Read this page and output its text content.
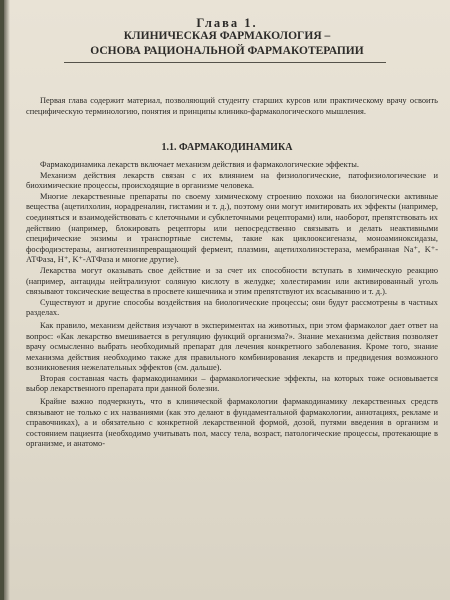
Глава 1.
КЛИНИЧЕСКАЯ ФАРМАКОЛОГИЯ –
ОСНОВА РАЦИОНАЛЬНОЙ ФАРМАКОТЕРАПИИ

Первая глава содержит материал, позволяющий студенту старших курсов или практическому врачу освоить специфическую терминологию, понятия и принципы клинико-фармакологического мышления.

1.1. ФАРМАКОДИНАМИКА

Фармакодинамика лекарств включает механизм действия и фармакологические эффекты.

Механизм действия лекарств связан с их влиянием на физиологические, патофизиологические и биохимические процессы, происходящие в организме человека.

Многие лекарственные препараты по своему химическому строению похожи на биологически активные вещества (ацетилхолин, норадреналин, гистамин и т. д.), поэтому они могут имитировать их эффекты (например, соединяться и взаимодействовать с клеточными и субклеточными рецепторами) или, наоборот, препятствовать их действию (например, блокировать рецепторы или непосредственно связывать и делать неактивными специфические энзимы и транспортные системы, такие как циклооксигеназы, моноаминоксидазы, фосфодиэстеразы, ангиотензинпревращающий фермент, плазмин, ацетилхолинэстераза, мембранная Na⁺, K⁺-АТФаза, H⁺, K⁺-АТФаза и многие другие).

Лекарства могут оказывать свое действие и за счет их способности вступать в химическую реакцию (например, антациды нейтрализуют соляную кислоту в желудке; холестирамин или активированный уголь связывают токсические вещества в просвете кишечника и этим препятствуют их всасыванию и т. д.).

Существуют и другие способы воздействия на биологические процессы; они будут рассмотрены в частных разделах.

Как правило, механизм действия изучают в экспериментах на животных, при этом фармаколог дает ответ на вопрос: «Как лекарство вмешивается в регуляцию функций организма?». Знание механизма действия позволяет врачу осмысленно выбрать необходимый препарат для лечения конкретного заболевания. Кроме того, знание механизма действия необходимо также для правильного комбинирования лекарств и предвидения возможного возникновения нежелательных эффектов (см. дальше).

Вторая составная часть фармакодинамики – фармакологические эффекты, на которых тоже основывается выбор лекарственного препарата при данной болезни.

Крайне важно подчеркнуть, что в клинической фармакологии фармакодинамику лекарственных средств связывают не только с их названиями (как это делают в фундаментальной фармакологии, аннотациях, рекламе и справочниках), а и обязательно с конкретной лекарственной формой, дозой, путями введения в организм и состоянием пациента (необходимо учитывать пол, массу тела, возраст, патологические процессы, протекающие в организме, и анатомо-
